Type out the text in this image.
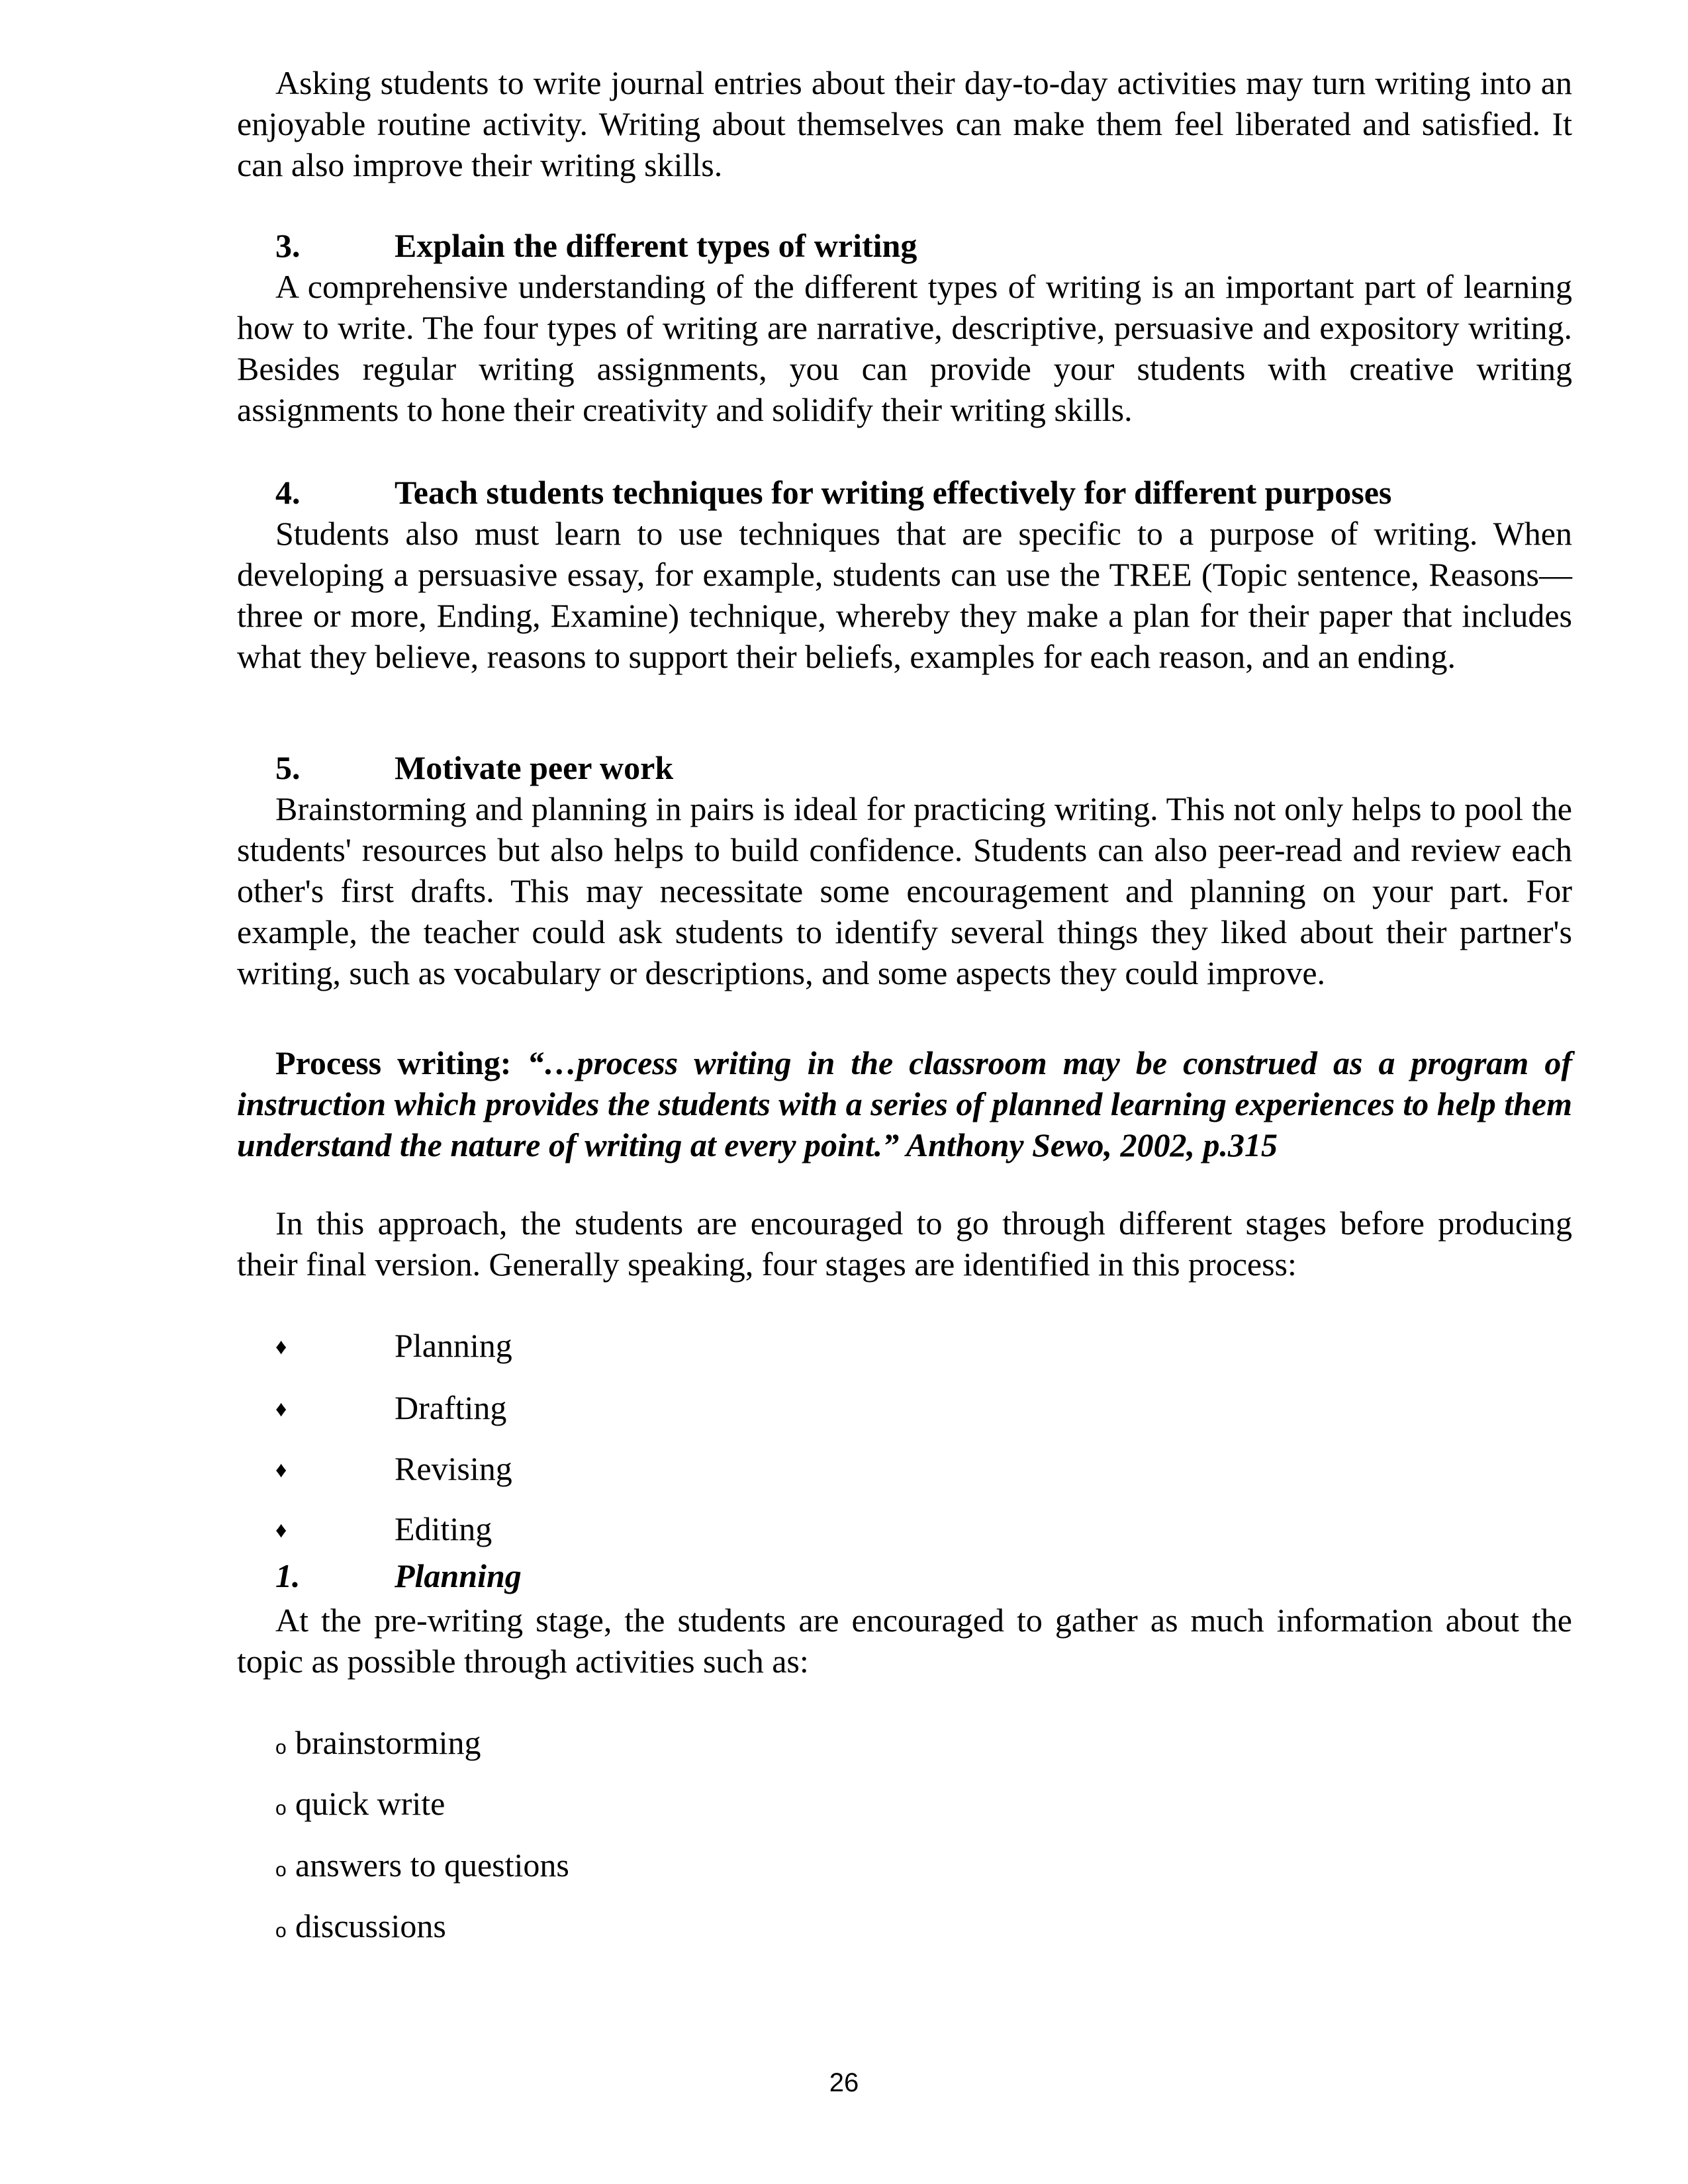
Asking students to write journal entries about their day-to-day activities may turn writing into an enjoyable routine activity. Writing about themselves can make them feel liberated and satisfied. It can also improve their writing skills.

3.	Explain the different types of writing

A comprehensive understanding of the different types of writing is an important part of learning how to write. The four types of writing are narrative, descriptive, persuasive and expository writing. Besides regular writing assignments, you can provide your students with creative writing assignments to hone their creativity and solidify their writing skills.

4.	Teach students techniques for writing effectively for different purposes

Students also must learn to use techniques that are specific to a purpose of writing. When developing a persuasive essay, for example, students can use the TREE (Topic sentence, Reasons—three or more, Ending, Examine) technique, whereby they make a plan for their paper that includes what they believe, reasons to support their beliefs, examples for each reason, and an ending.

5.	Motivate peer work

Brainstorming and planning in pairs is ideal for practicing writing. This not only helps to pool the students' resources but also helps to build confidence. Students can also peer-read and review each other's first drafts. This may necessitate some encouragement and planning on your part. For example, the teacher could ask students to identify several things they liked about their partner's writing, such as vocabulary or descriptions, and some aspects they could improve.

Process writing: “…process writing in the classroom may be construed as a program of instruction which provides the students with a series of planned learning experiences to help them understand the nature of writing at every point.” Anthony Sewo, 2002, p.315

In this approach, the students are encouraged to go through different stages before producing their final version. Generally speaking, four stages are identified in this process:

♦	Planning
♦	Drafting
♦	Revising
♦	Editing
1.	Planning

At the pre-writing stage, the students are encouraged to gather as much information about the topic as possible through activities such as:

o brainstorming
o quick write
o answers to questions
o discussions
26
